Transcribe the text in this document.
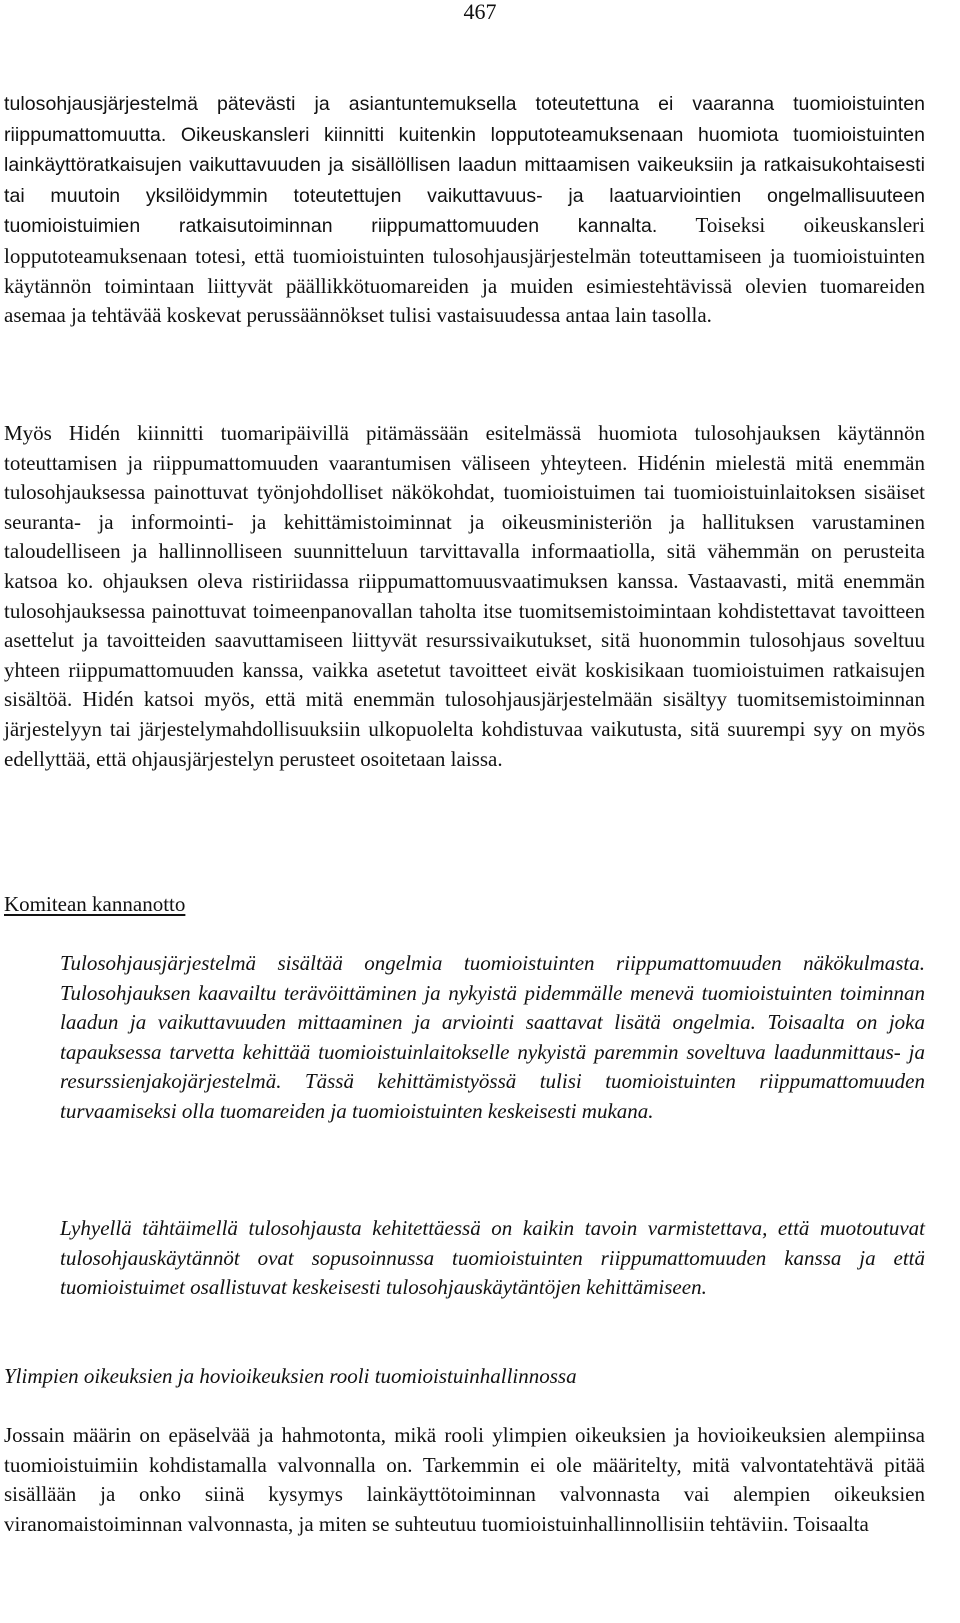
467

tulosohjausjärjestelmä pätevästi ja asiantuntemuksella toteutettuna ei vaaranna tuomioistuinten riippumattomuutta. Oikeuskansleri kiinnitti kuitenkin lopputoteamuksenaan huomiota tuomioistuinten lainkäyttöratkaisujen vaikuttavuuden ja sisällöllisen laadun mittaamisen vaikeuksiin ja ratkaisukohtaisesti tai muutoin yksilöidymmin toteutettujen vaikuttavuus- ja laatuarviointien ongelmallisuuteen tuomioistuimien ratkaisutoiminnan riippumattomuuden kannalta. Toiseksi oikeuskansleri lopputoteamuksenaan totesi, että tuomioistuinten tulosohjausjärjestelmän toteuttamiseen ja tuomioistuinten käytännön toimintaan liittyvät päällikkötuomareiden ja muiden esimiestehtävissä olevien tuomareiden asemaa ja tehtävää koskevat perussäännökset tulisi vastaisuudessa antaa lain tasolla.

Myös Hidén kiinnitti tuomaripäivillä pitämässään esitelmässä huomiota tulosohjauksen käytännön toteuttamisen ja riippumattomuuden vaarantumisen väliseen yhteyteen. Hidénin mielestä mitä enemmän tulosohjauksessa painottuvat työnjohdolliset näkökohdat, tuomioistuimen tai tuomioistuinlaitoksen sisäiset seuranta- ja informointi- ja kehittämistoiminnat ja oikeusministeriön ja hallituksen varustaminen taloudelliseen ja hallinnolliseen suunnitteluun tarvittavalla informaatiolla, sitä vähemmän on perusteita katsoa ko. ohjauksen oleva ristiriidassa riippumattomuusvaatimuksen kanssa. Vastaavasti, mitä enemmän tulosohjauksessa painottuvat toimeenpanovallan taholta itse tuomitsemistoimintaan kohdistettavat tavoitteen asettelut ja tavoitteiden saavuttamiseen liittyvät resurssivaikutukset, sitä huonommin tulosohjaus soveltuu yhteen riippumattomuuden kanssa, vaikka asetetut tavoitteet eivät koskisikaan tuomioistuimen ratkaisujen sisältöä. Hidén katsoi myös, että mitä enemmän tulosohjausjärjestelmään sisältyy tuomitsemistoiminnan järjestelyyn tai järjestelymahdollisuuksiin ulkopuolelta kohdistuvaa vaikutusta, sitä suurempi syy on myös edellyttää, että ohjausjärjestelyn perusteet osoitetaan laissa.

Komitean kannanotto

Tulosohjausjärjestelmä sisältää ongelmia tuomioistuinten riippumattomuuden näkökulmasta. Tulosohjauksen kaavailtu terävöittäminen ja nykyistä pidemmälle menevä tuomioistuinten toiminnan laadun ja vaikuttavuuden mittaaminen ja arviointi saattavat lisätä ongelmia. Toisaalta on joka tapauksessa tarvetta kehittää tuomioistuinlaitokselle nykyistä paremmin soveltuva laadunmittaus- ja resurssienjakojärjestelmä. Tässä kehittämistyössä tulisi tuomioistuinten riippumattomuuden turvaamiseksi olla tuomareiden ja tuomioistuinten keskeisesti mukana.

Lyhyellä tähtäimellä tulosohjausta kehitettäessä on kaikin tavoin varmistettava, että muotoutuvat tulosohjauskäytännöt ovat sopusoinnussa tuomioistuinten riippumattomuuden kanssa ja että tuomioistuimet osallistuvat keskeisesti tulosohjauskäytäntöjen kehittämiseen.

Ylimpien oikeuksien ja hovioikeuksien rooli tuomioistuinhallinnossa

Jossain määrin on epäselvää ja hahmotonta, mikä rooli ylimpien oikeuksien ja hovioikeuksien alempiinsa tuomioistuimiin kohdistamalla valvonnalla on. Tarkemmin ei ole määritelty, mitä valvontatehtävä pitää sisällään ja onko siinä kysymys lainkäyttötoiminnan valvonnasta vai alempien oikeuksien viranomaistoiminnan valvonnasta, ja miten se suhteutuu tuomioistuinhallinnollisiin tehtäviin. Toisaalta
